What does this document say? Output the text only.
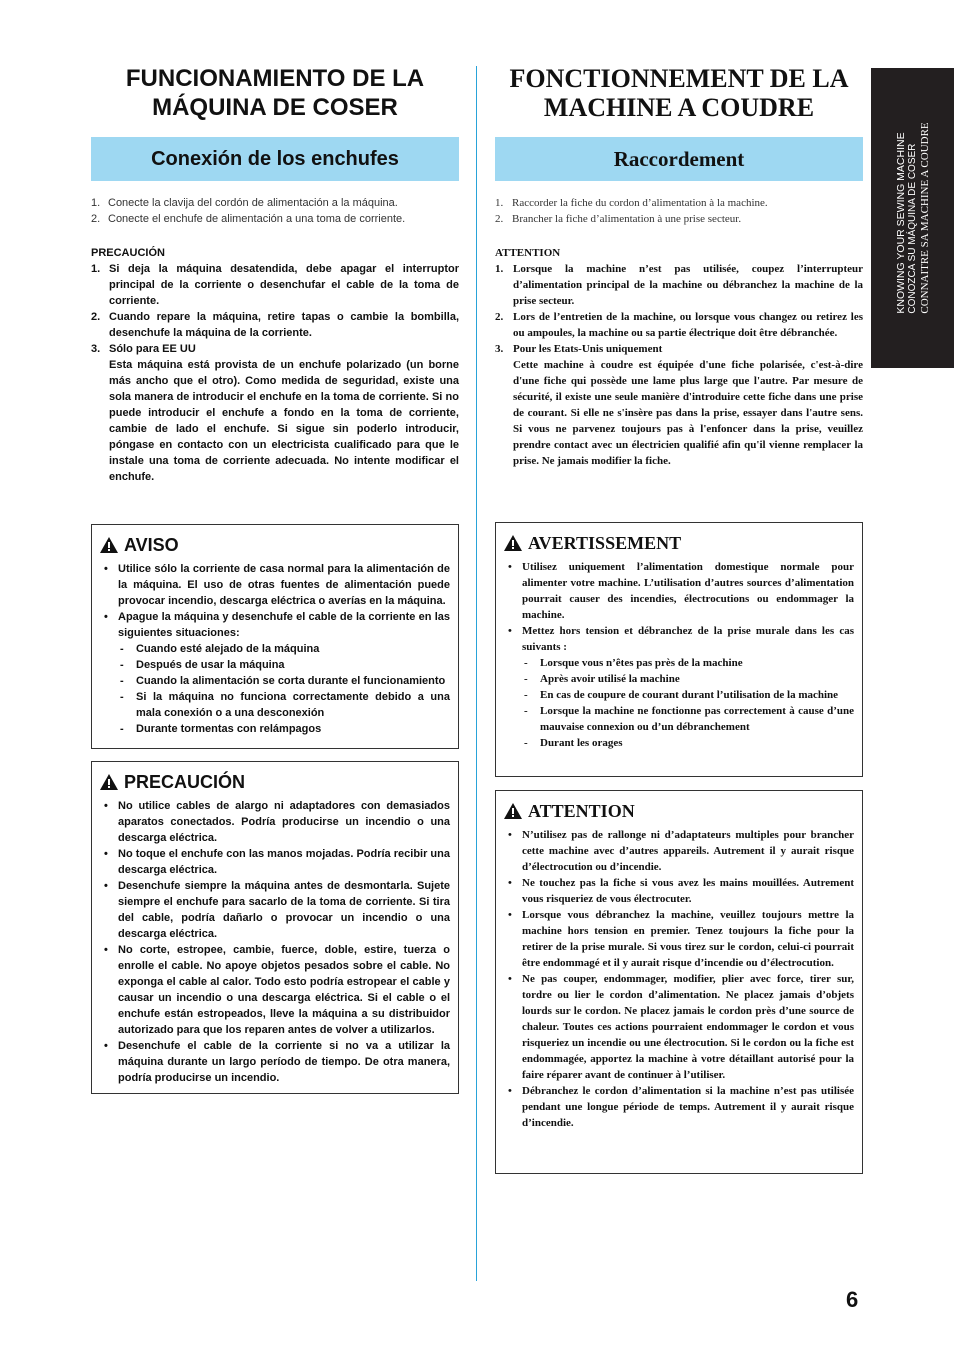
FUNCIONAMIENTO DE LA MÁQUINA DE COSER
Conexión de los enchufes
1. Conecte la clavija del cordón de alimentación a la máquina.
2. Conecte el enchufe de alimentación a una toma de corriente.
PRECAUCIÓN
1. Si deja la máquina desatendida, debe apagar el interruptor principal de la corriente o desenchufar el cable de la toma de corriente.
2. Cuando repare la máquina, retire tapas o cambie la bombilla, desenchufe la máquina de la corriente.
3. Sólo para EE UU
Esta máquina está provista de un enchufe polarizado (un borne más ancho que el otro). Como medida de seguridad, existe una sola manera de introducir el enchufe en la toma de corriente. Si no puede introducir el enchufe a fondo en la toma de corriente, cambie de lado el enchufe. Si sigue sin poderlo introducir, póngase en contacto con un electricista cualificado para que le instale una toma de corriente adecuada. No intente modificar el enchufe.
AVISO
• Utilice sólo la corriente de casa normal para la alimentación de la máquina. El uso de otras fuentes de alimentación puede provocar incendio, descarga eléctrica o averías en la máquina.
• Apague la máquina y desenchufe el cable de la corriente en las siguientes situaciones:
- Cuando esté alejado de la máquina
- Después de usar la máquina
- Cuando la alimentación se corta durante el funcionamiento
- Si la máquina no funciona correctamente debido a una mala conexión o a una desconexión
- Durante tormentas con relámpagos
PRECAUCIÓN
• No utilice cables de alargo ni adaptadores con demasiados aparatos conectados. Podría producirse un incendio o una descarga eléctrica.
• No toque el enchufe con las manos mojadas. Podría recibir una descarga eléctrica.
• Desenchufe siempre la máquina antes de desmontarla. Sujete siempre el enchufe para sacarlo de la toma de corriente. Si tira del cable, podría dañarlo o provocar un incendio o una descarga eléctrica.
• No corte, estropee, cambie, fuerce, doble, estire, tuerza o enrolle el cable. No apoye objetos pesados sobre el cable. No exponga el cable al calor. Todo esto podría estropear el cable y causar un incendio o una descarga eléctrica. Si el cable o el enchufe están estropeados, lleve la máquina a su distribuidor autorizado para que los reparen antes de volver a utilizarlos.
• Desenchufe el cable de la corriente si no va a utilizar la máquina durante un largo período de tiempo. De otra manera, podría producirse un incendio.
FONCTIONNEMENT DE LA MACHINE A COUDRE
Raccordement
1. Raccorder la fiche du cordon d’alimentation à la machine.
2. Brancher la fiche d’alimentation à une prise secteur.
ATTENTION
1. Lorsque la machine n’est pas utilisée, coupez l’interrupteur d’alimentation principal de la machine ou débranchez la machine de la prise secteur.
2. Lors de l’entretien de la machine, ou lorsque vous changez ou retirez les ou ampoules, la machine ou sa partie électrique doit être débranchée.
3. Pour les Etats-Unis uniquement
Cette machine à coudre est équipée d'une fiche polarisée, c'est-à-dire d'une fiche qui possède une lame plus large que l'autre. Par mesure de sécurité, il existe une seule manière d'introduire cette fiche dans une prise de courant. Si elle ne s'insère pas dans la prise, essayer dans l'autre sens. Si vous ne parvenez toujours pas à l'enfoncer dans la prise, veuillez prendre contact avec un électricien qualifié afin qu'il vienne remplacer la prise. Ne jamais modifier la fiche.
AVERTISSEMENT
• Utilisez uniquement l’alimentation domestique normale pour alimenter votre machine. L’utilisation d’autres sources d’alimentation pourrait causer des incendies, électrocutions ou endommager la machine.
• Mettez hors tension et débranchez de la prise murale dans les cas suivants :
- Lorsque vous n’êtes pas près de la machine
- Après avoir utilisé la machine
- En cas de coupure de courant durant l’utilisation de la machine
- Lorsque la machine ne fonctionne pas correctement à cause d’une mauvaise connexion ou d’un débranchement
- Durant les orages
ATTENTION
• N’utilisez pas de rallonge ni d’adaptateurs multiples pour brancher cette machine avec d’autres appareils. Autrement il y aurait risque d’électrocution ou d’incendie.
• Ne touchez pas la fiche si vous avez les mains mouillées. Autrement vous risqueriez de vous électrocuter.
• Lorsque vous débranchez la machine, veuillez toujours mettre la machine hors tension en premier. Tenez toujours la fiche pour la retirer de la prise murale. Si vous tirez sur le cordon, celui-ci pourrait être endommagé et il y aurait risque d’incendie ou d’électrocution.
• Ne pas couper, endommager, modifier, plier avec force, tirer sur, tordre ou lier le cordon d’alimentation. Ne placez jamais d’objets lourds sur le cordon. Ne placez jamais le cordon près d’une source de chaleur. Toutes ces actions pourraient endommager le cordon et vous risqueriez un incendie ou une électrocution. Si le cordon ou la fiche est endommagée, apportez la machine à votre détaillant autorisé pour la faire réparer avant de continuer à l’utiliser.
• Débranchez le cordon d’alimentation si la machine n’est pas utilisée pendant une longue période de temps. Autrement il y aurait risque d’incendie.
KNOWING YOUR SEWING MACHINE CONOZCA SU MÁQUINA DE COSER CONNAITRE SA MACHINE A COUDRE
6
